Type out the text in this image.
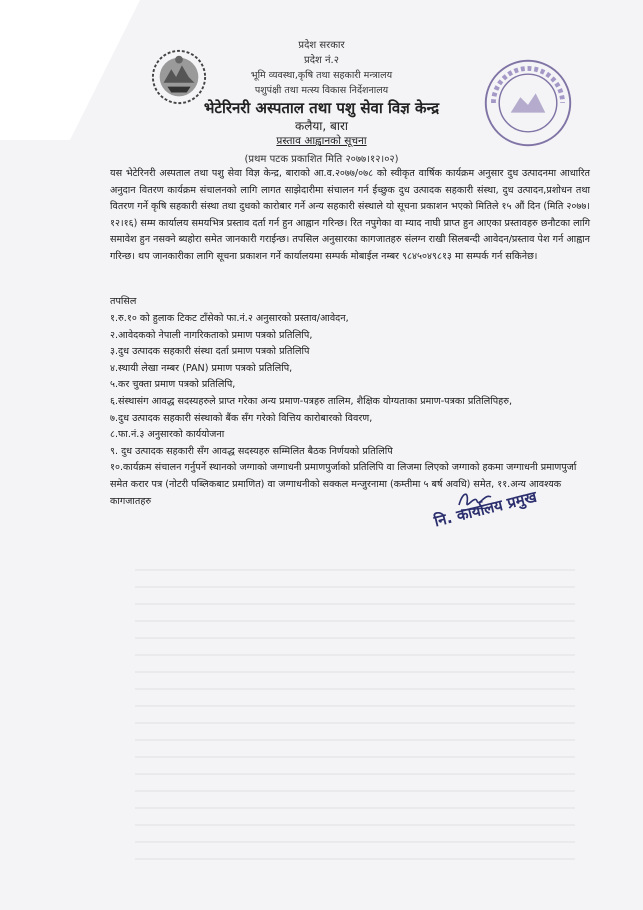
प्रदेश सरकार
प्रदेश नं.२
भूमि व्यवस्था,कृषि तथा सहकारी मन्त्रालय
पशुपंक्षी तथा मत्स्य विकास निर्देशनालय
भेटेरिनरी अस्पताल तथा पशु सेवा विज्ञ केन्द्र
कलैया, बारा
प्रस्ताव आह्वानको सूचना
(प्रथम पटक प्रकाशित मिति २०७७।१२।०२)

यस भेटेरिनरी अस्पताल तथा पशु सेवा विज्ञ केन्द्र, बाराको आ.व.२०७७/०७८ को स्वीकृत वार्षिक कार्यक्रम अनुसार दुध उत्पादनमा आधारित अनुदान वितरण कार्यक्रम संचालनको लागि लागत साझेदारीमा संचालन गर्न ईच्छुक दुध उत्पादक सहकारी संस्था, दुध उत्पादन,प्रशोधन तथा वितरण गर्ने कृषि सहकारी संस्था तथा दुधको कारोबार गर्ने अन्य सहकारी संस्थाले यो सूचना प्रकाशन भएको मितिले १५ औं दिन (मिति २०७७।१२।१६) सम्म कार्यालय समयभित्र प्रस्ताव दर्ता गर्न हुन आह्वान गरिन्छ। रित नपुगेका वा म्याद नाघी प्राप्त हुन आएका प्रस्तावहरु छनौटका लागि समावेश हुन नसक्ने ब्यहोरा समेत जानकारी गराईन्छ। तपसिल अनुसारका कागजातहरु संलग्न राखी सिलबन्दी आवेदन/प्रस्ताव पेश गर्न आह्वान गरिन्छ। थप जानकारीका लागि सूचना प्रकाशन गर्ने कार्यालयमा सम्पर्क मोबाईल नम्बर ९८४५०४९८१३ मा सम्पर्क गर्न सकिनेछ।

तपसिल
१.रु.१० को हुलाक टिकट टाँसेको फा.नं.२ अनुसारको प्रस्ताव/आवेदन,
२.आवेदकको नेपाली नागरिकताको प्रमाण पत्रको प्रतिलिपि,
३.दुध उत्पादक सहकारी संस्था दर्ता प्रमाण पत्रको प्रतिलिपि
४.स्थायी लेखा नम्बर (PAN) प्रमाण पत्रको प्रतिलिपि,
५.कर चुक्ता प्रमाण पत्रको प्रतिलिपि,
६.संस्थासंग आवद्ध सदस्यहरुले प्राप्त गरेका अन्य प्रमाण-पत्रहरु तालिम, शैक्षिक योग्यताका प्रमाण-पत्रका प्रतिलिपिहरु,
७.दुध उत्पादक सहकारी संस्थाको बैंक सँग गरेको वित्तिय कारोबारको विवरण,
८.फा.नं.३ अनुसारको कार्ययोजना
९. दुध उत्पादक सहकारी सँग आवद्ध सदस्यहरु सम्मिलित बैठक निर्णयको प्रतिलिपि
१०.कार्यक्रम संचालन गर्नुपर्ने स्थानको जग्गाको जग्गाधनी प्रमाणपुर्जाको प्रतिलिपि वा लिजमा लिएको जग्गाको हकमा जग्गाधनी प्रमाणपुर्जा समेत करार पत्र (नोटरी पब्लिकबाट प्रमाणित) वा जग्गाधनीको सक्कल मन्जुरनामा (कम्तीमा ५ बर्ष अवधि) समेत, ११.अन्य आवश्यक कागजातहरु	नि. कार्यालय प्रमुख
